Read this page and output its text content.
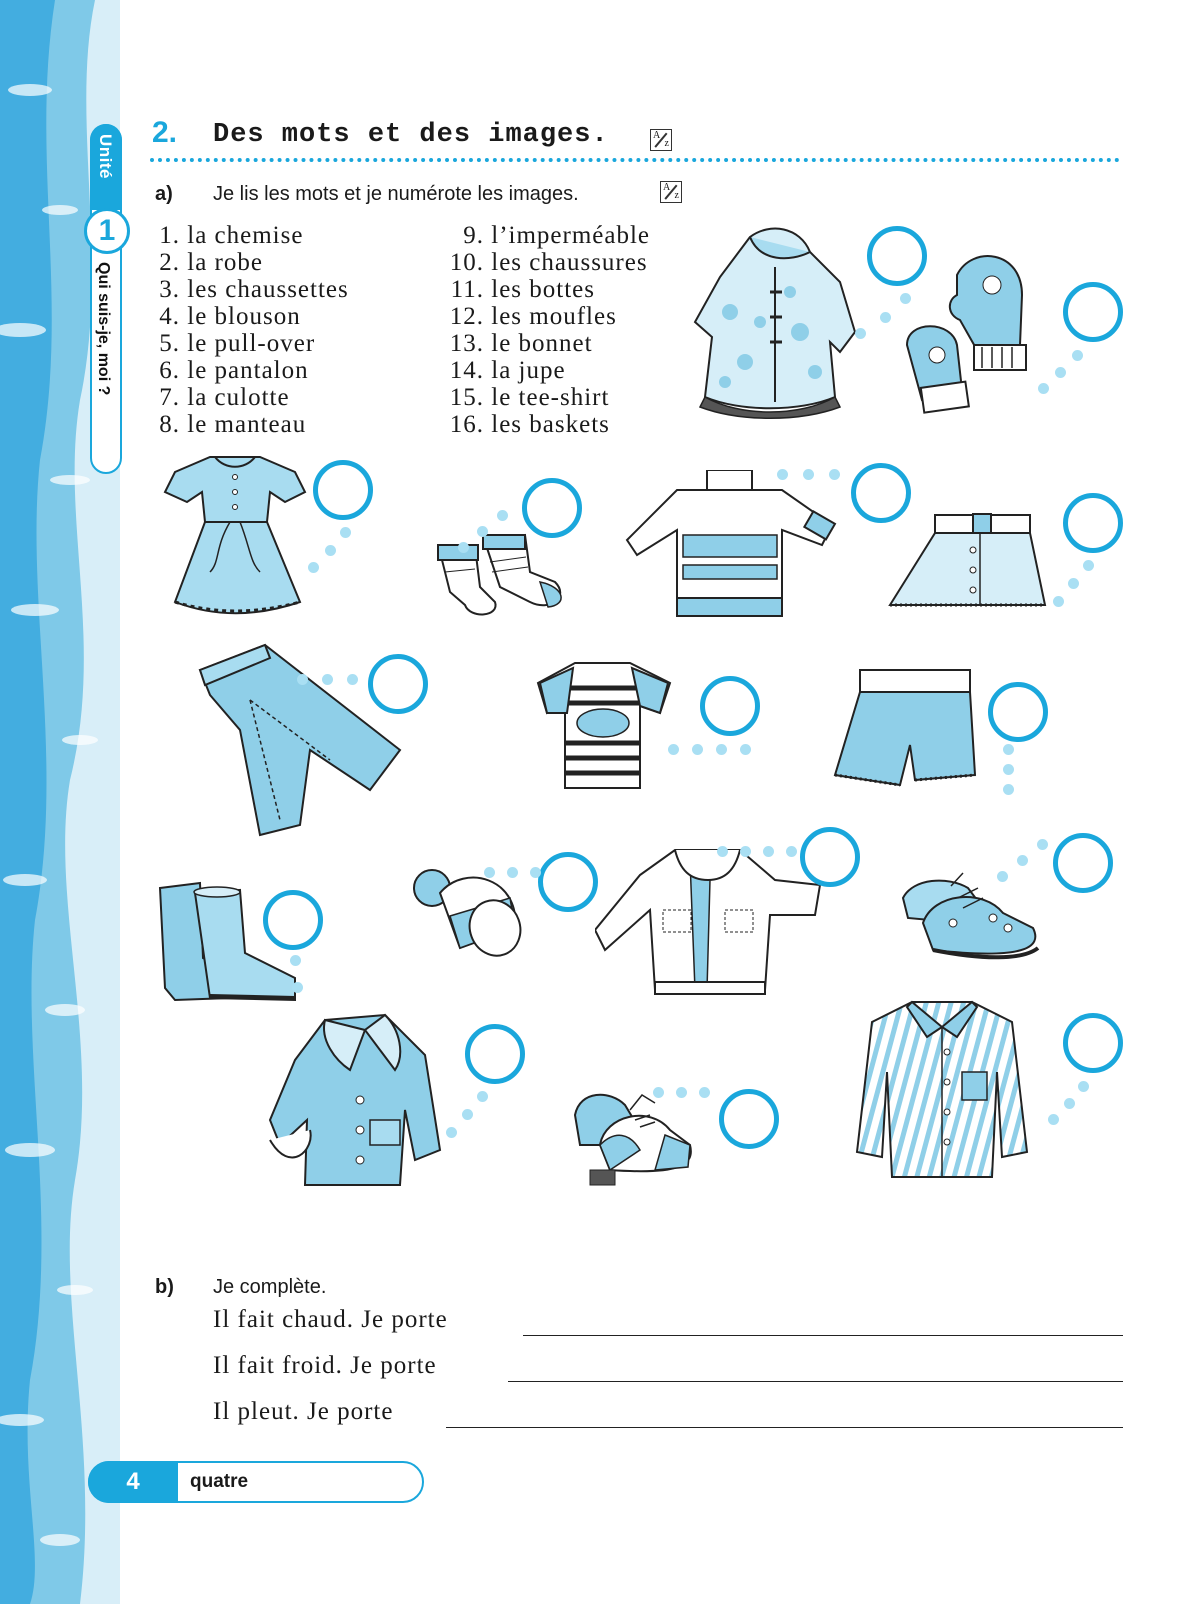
Unité
1
Qui suis-je, moi ?
2. Des mots et des images.	A
z
a) Je lis les mots et je numérote les images.	A
z
1. la chemise
2. la robe
3. les chaussettes
4. le blouson
5. le pull-over
6. le pantalon
7. la culotte
8. le manteau
9. l’imperméable
10. les chaussures
11. les bottes
12. les moufles
13. le bonnet
14. la jupe
15. le tee-shirt
16. les baskets
b) Je complète.
Il fait chaud. Je porte
Il fait froid. Je porte
Il pleut. Je porte
4	quatre
